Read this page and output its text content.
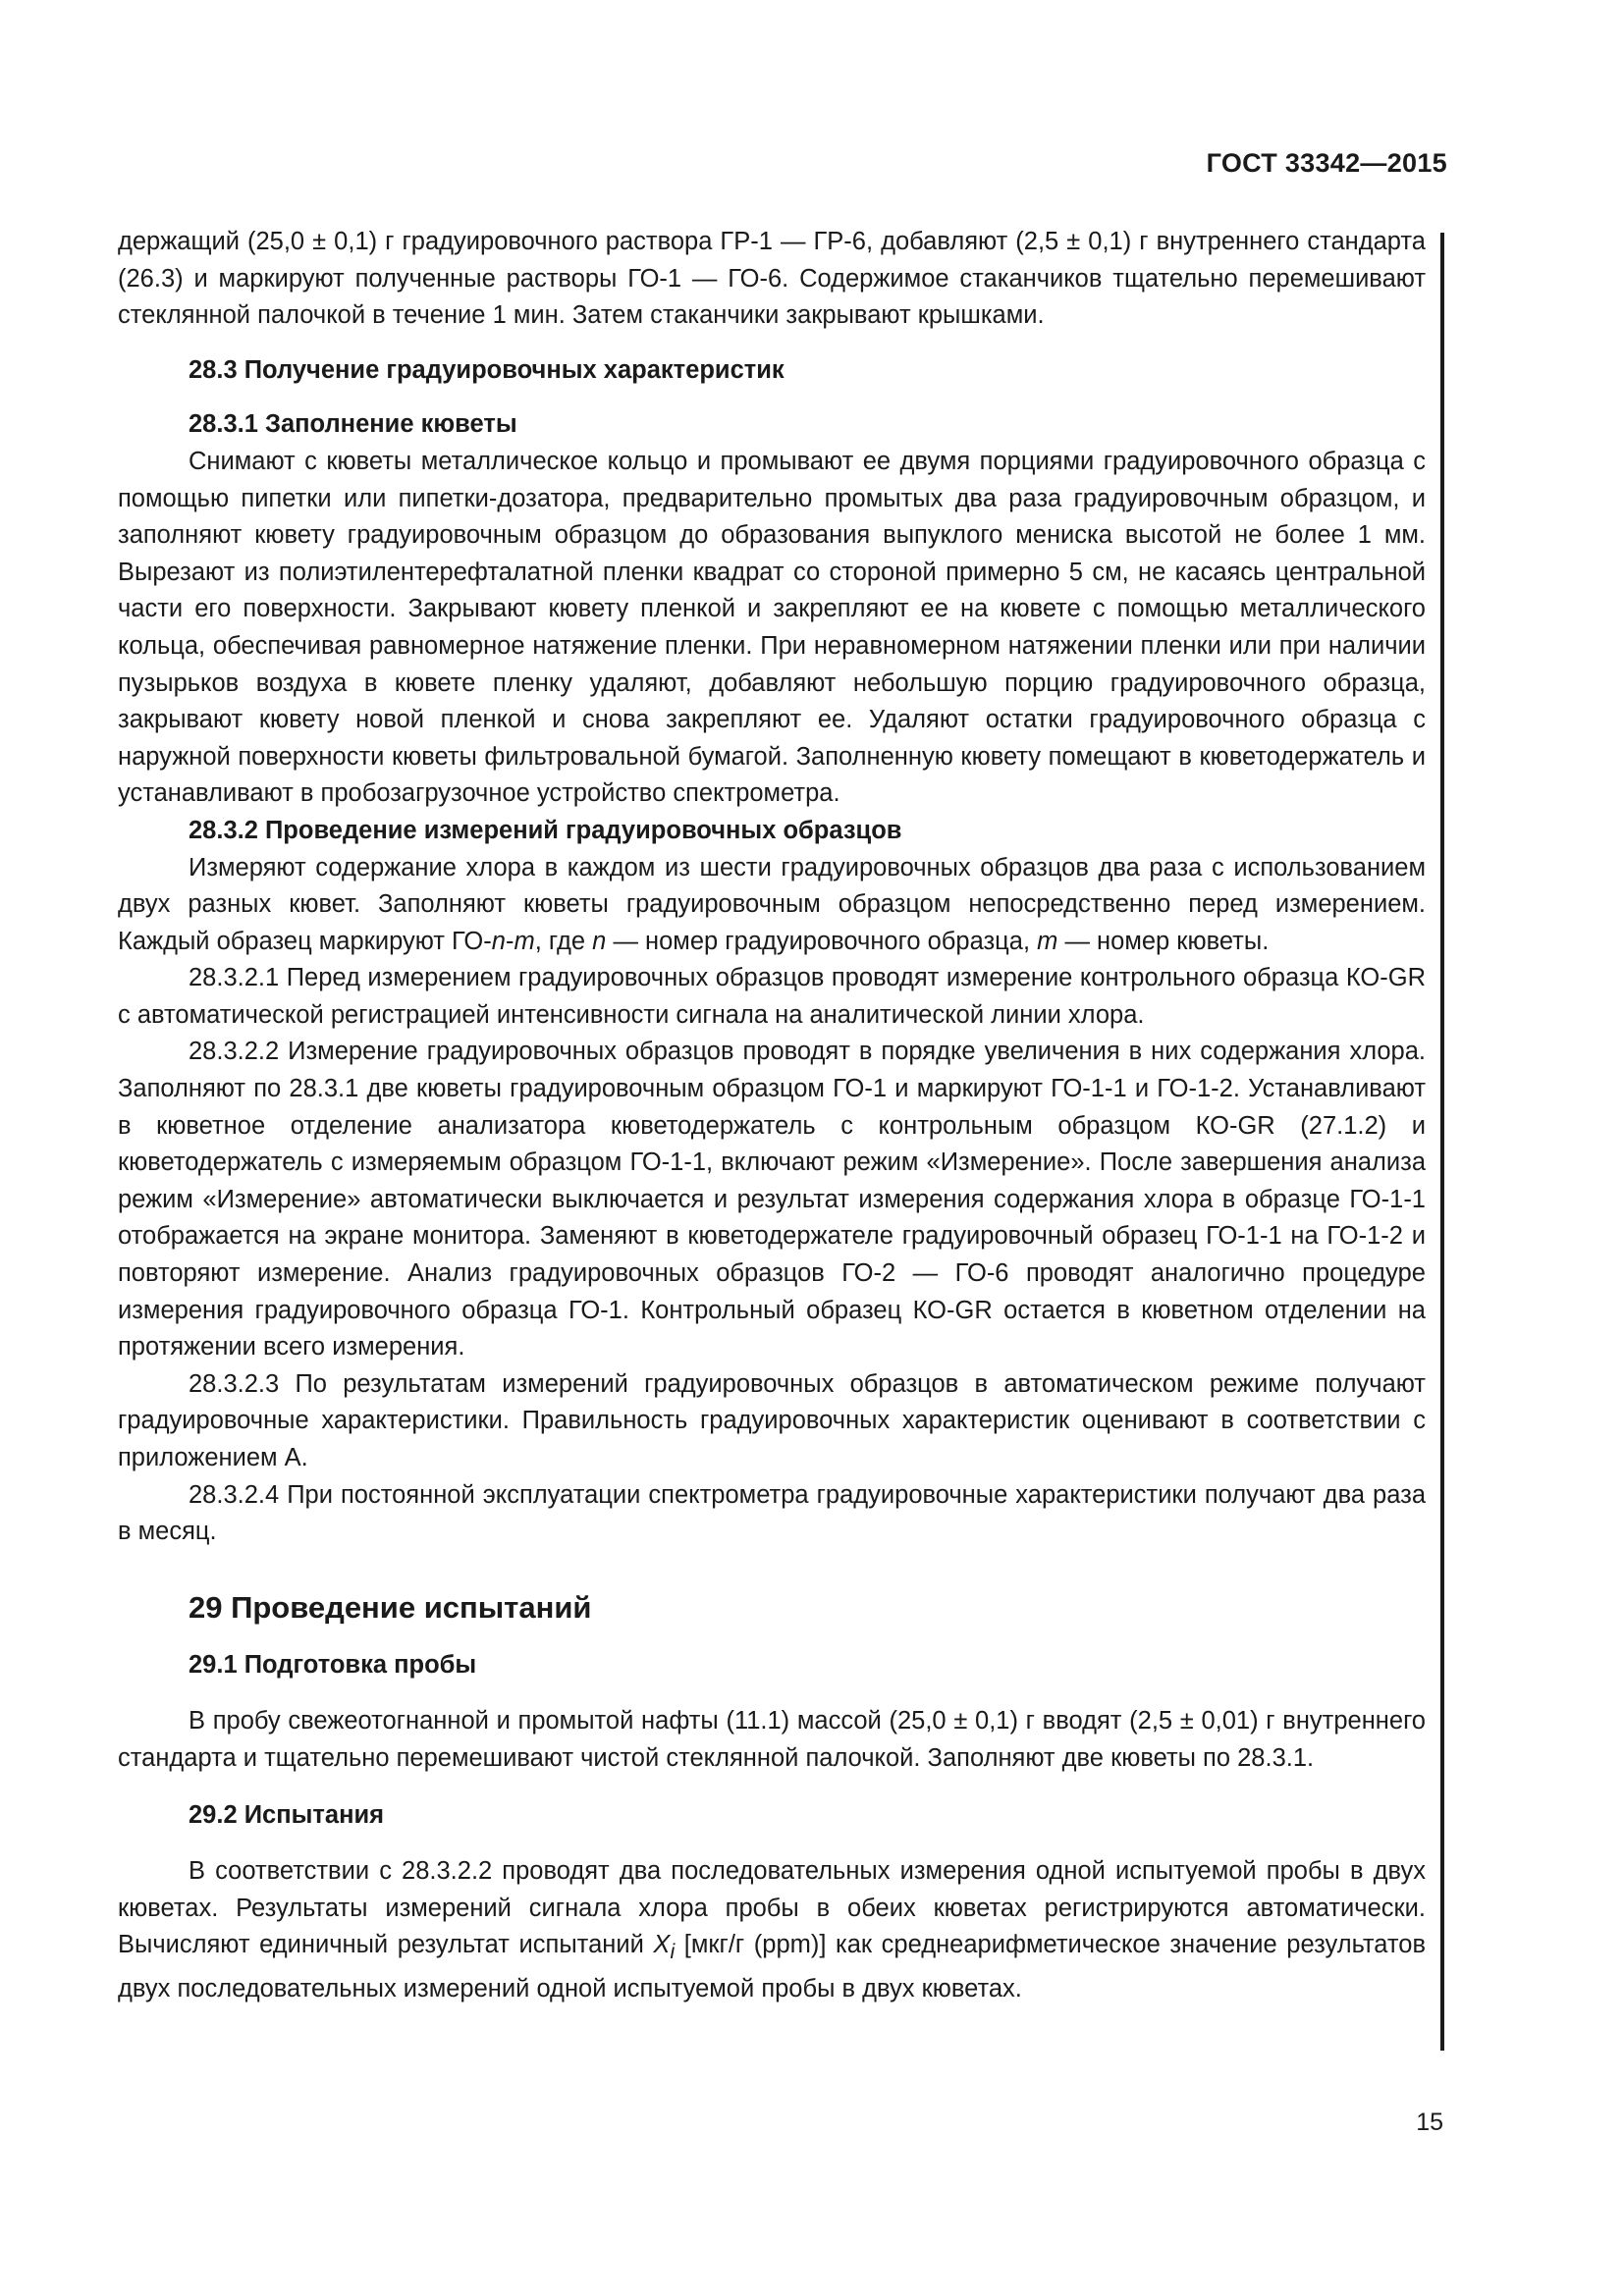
ГОСТ 33342—2015

держащий (25,0 ± 0,1) г градуировочного раствора ГР-1 — ГР-6, добавляют (2,5 ± 0,1) г внутреннего стандарта (26.3) и маркируют полученные растворы ГО-1 — ГО-6. Содержимое стаканчиков тщательно перемешивают стеклянной палочкой в течение 1 мин. Затем стаканчики закрывают крышками.

28.3 Получение градуировочных характеристик

28.3.1 Заполнение кюветы

Снимают с кюветы металлическое кольцо и промывают ее двумя порциями градуировочного образца с помощью пипетки или пипетки-дозатора, предварительно промытых два раза градуировочным образцом, и заполняют кювету градуировочным образцом до образования выпуклого мениска высотой не более 1 мм. Вырезают из полиэтилентерефталатной пленки квадрат со стороной примерно 5 см, не касаясь центральной части его поверхности. Закрывают кювету пленкой и закрепляют ее на кювете с помощью металлического кольца, обеспечивая равномерное натяжение пленки. При неравномерном натяжении пленки или при наличии пузырьков воздуха в кювете пленку удаляют, добавляют небольшую порцию градуировочного образца, закрывают кювету новой пленкой и снова закрепляют ее. Удаляют остатки градуировочного образца с наружной поверхности кюветы фильтровальной бумагой. Заполненную кювету помещают в кюветодержатель и устанавливают в пробозагрузочное устройство спектрометра.

28.3.2 Проведение измерений градуировочных образцов

Измеряют содержание хлора в каждом из шести градуировочных образцов два раза с использованием двух разных кювет. Заполняют кюветы градуировочным образцом непосредственно перед измерением. Каждый образец маркируют ГО-n-m, где n — номер градуировочного образца, m — номер кюветы.

28.3.2.1 Перед измерением градуировочных образцов проводят измерение контрольного образца КО-GR с автоматической регистрацией интенсивности сигнала на аналитической линии хлора.

28.3.2.2 Измерение градуировочных образцов проводят в порядке увеличения в них содержания хлора. Заполняют по 28.3.1 две кюветы градуировочным образцом ГО-1 и маркируют ГО-1-1 и ГО-1-2. Устанавливают в кюветное отделение анализатора кюветодержатель с контрольным образцом КО-GR (27.1.2) и кюветодержатель с измеряемым образцом ГО-1-1, включают режим «Измерение». После завершения анализа режим «Измерение» автоматически выключается и результат измерения содержания хлора в образце ГО-1-1 отображается на экране монитора. Заменяют в кюветодержателе градуировочный образец ГО-1-1 на ГО-1-2 и повторяют измерение. Анализ градуировочных образцов ГО-2 — ГО-6 проводят аналогично процедуре измерения градуировочного образца ГО-1. Контрольный образец КО-GR остается в кюветном отделении на протяжении всего измерения.

28.3.2.3 По результатам измерений градуировочных образцов в автоматическом режиме получают градуировочные характеристики. Правильность градуировочных характеристик оценивают в соответствии с приложением А.

28.3.2.4 При постоянной эксплуатации спектрометра градуировочные характеристики получают два раза в месяц.

29 Проведение испытаний

29.1 Подготовка пробы

В пробу свежеотогнанной и промытой нафты (11.1) массой (25,0 ± 0,1) г вводят (2,5 ± 0,01) г внутреннего стандарта и тщательно перемешивают чистой стеклянной палочкой. Заполняют две кюветы по 28.3.1.

29.2 Испытания

В соответствии с 28.3.2.2 проводят два последовательных измерения одной испытуемой пробы в двух кюветах. Результаты измерений сигнала хлора пробы в обеих кюветах регистрируются автоматически. Вычисляют единичный результат испытаний $X_i$ [мкг/г (ppm)] как среднеарифметическое значение результатов двух последовательных измерений одной испытуемой пробы в двух кюветах.

15
